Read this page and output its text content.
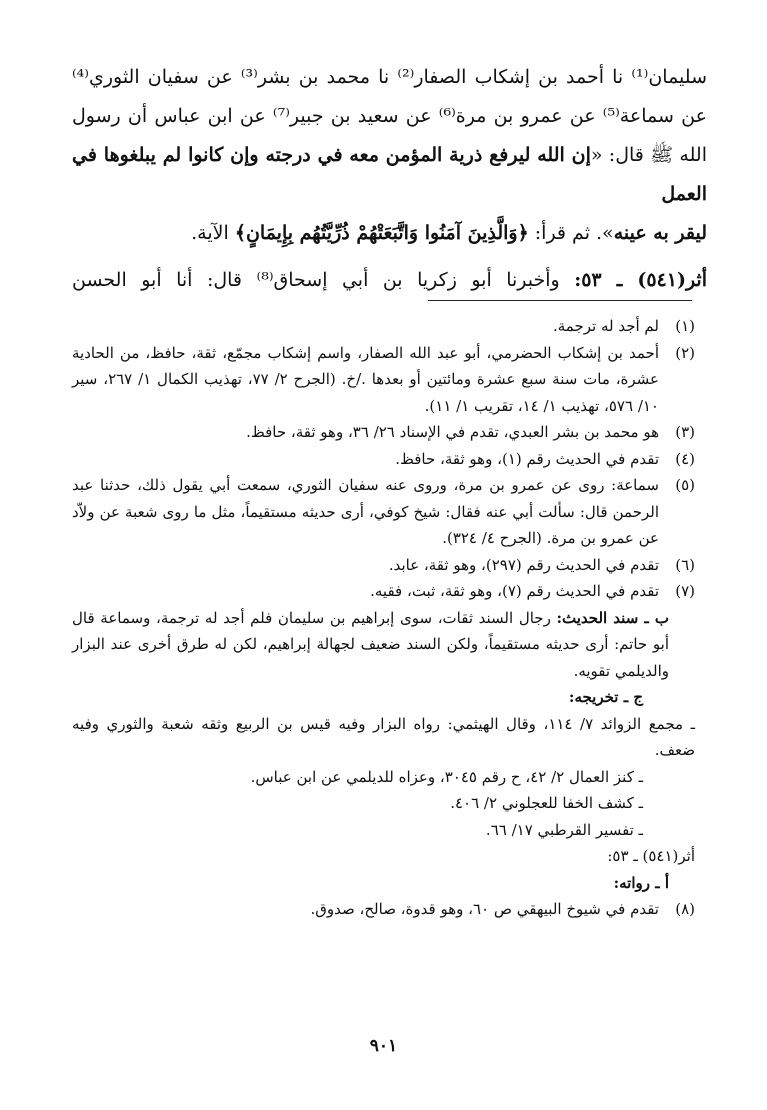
سليمان⁽¹⁾ نا أحمد بن إشكاب الصفار⁽²⁾ نا محمد بن بشر⁽³⁾ عن سفيان الثوري⁽⁴⁾

عن سماعة⁽⁵⁾ عن عمرو بن مرة⁽⁶⁾ عن سعيد بن جبير⁽⁷⁾ عن ابن عباس أن رسول

الله ﷺ قال: «إن الله ليرفع ذرية المؤمن معه في درجته وإن كانوا لم يبلغوها في العمل

ليقر به عينه». ثم قرأ: ﴿وَالَّذِينَ آمَنُوا وَاتَّبَعَتْهُمْ ذُرِّيَّتُهُم بِإِيمَانٍ﴾ الآية.

أثر(٥٤١) ـ ٥٣: وأخبرنا أبو زكريا بن أبي إسحاق⁽⁸⁾ قال: أنا أبو الحسن

(١)
لم أجد له ترجمة.
(٢)
أحمد بن إشكاب الحضرمي، أبو عبد الله الصفار، واسم إشكاب مجمّع، ثقة، حافظ، من الحادية عشرة، مات سنة سبع عشرة ومائتين أو بعدها ./خ. (الجرح ٢/ ٧٧، تهذيب الكمال ١/ ٢٦٧، سير ١٠/ ٥٧٦، تهذيب ١/ ١٤، تقريب ١/ ١١).
(٣)
هو محمد بن بشر العبدي، تقدم في الإسناد ٢٦/ ٣٦، وهو ثقة، حافظ.
(٤)
تقدم في الحديث رقم (١)، وهو ثقة، حافظ.
(٥)
سماعة: روى عن عمرو بن مرة، وروى عنه سفيان الثوري، سمعت أبي يقول ذلك، حدثنا عبد الرحمن قال: سألت أبي عنه فقال: شيخ كوفي، أرى حديثه مستقيماً، مثل ما روى شعبة عن ولاّد عن عمرو بن مرة. (الجرح ٤/ ٣٢٤).
(٦)
تقدم في الحديث رقم (٢٩٧)، وهو ثقة، عابد.
(٧)
تقدم في الحديث رقم (٧)، وهو ثقة، ثبت، فقيه.
ب ـ سند الحديث: رجال السند ثقات، سوى إبراهيم بن سليمان فلم أجد له ترجمة، وسماعة قال أبو حاتم: أرى حديثه مستقيماً، ولكن السند ضعيف لجهالة إبراهيم، لكن له طرق أخرى عند البزار والديلمي تقويه.
ج ـ تخريجه:
ـ مجمع الزوائد ٧/ ١١٤، وقال الهيثمي: رواه البزار وفيه قيس بن الربيع وثقه شعبة والثوري وفيه ضعف.
ـ كنز العمال ٢/ ٤٢، ح رقم ٣٠٤٥، وعزاه للديلمي عن ابن عباس.
ـ كشف الخفا للعجلوني ٢/ ٤٠٦.
ـ تفسير القرطبي ١٧/ ٦٦.
أثر(٥٤١) ـ ٥٣:
أ ـ رواته:
(٨)
تقدم في شيوخ البيهقي ص ٦٠، وهو قدوة، صالح، صدوق.
٩٠١
